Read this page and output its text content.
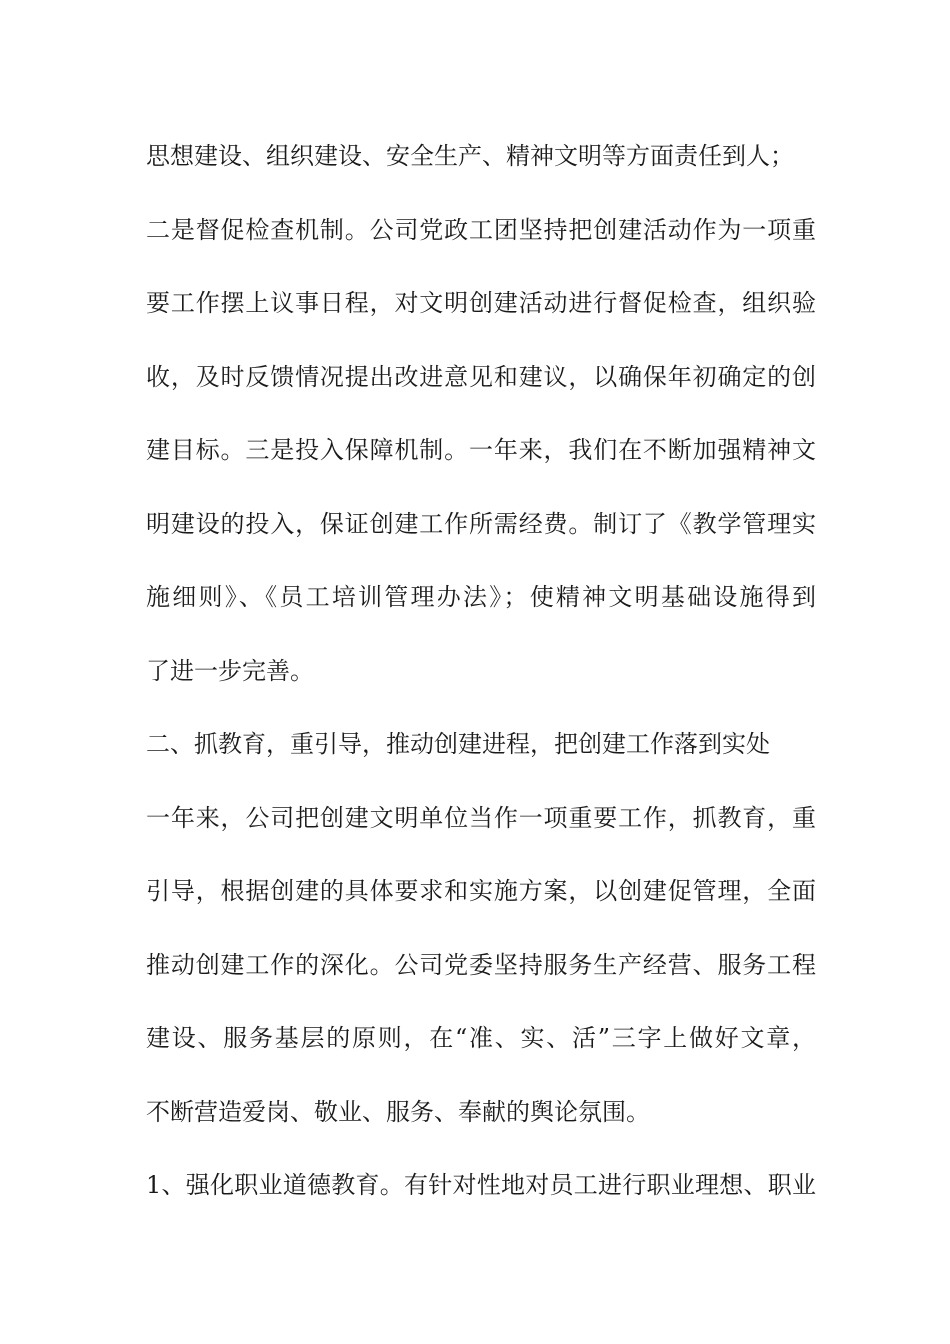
思想建设、组织建设、安全生产、精神文明等方面责任到人；
二是督促检查机制。公司党政工团坚持把创建活动作为一项重
要工作摆上议事日程，对文明创建活动进行督促检查，组织验
收，及时反馈情况提出改进意见和建议，以确保年初确定的创
建目标。三是投入保障机制。一年来，我们在不断加强精神文
明建设的投入，保证创建工作所需经费。制订了《教学管理实
施细则》、《员工培训管理办法》；使精神文明基础设施得到
了进一步完善。
二、抓教育，重引导，推动创建进程，把创建工作落到实处
一年来，公司把创建文明单位当作一项重要工作，抓教育，重
引导，根据创建的具体要求和实施方案，以创建促管理，全面
推动创建工作的深化。公司党委坚持服务生产经营、服务工程
建设、服务基层的原则，在“准、实、活”三字上做好文章，
不断营造爱岗、敬业、服务、奉献的舆论氛围。
1、强化职业道德教育。有针对性地对员工进行职业理想、职业
